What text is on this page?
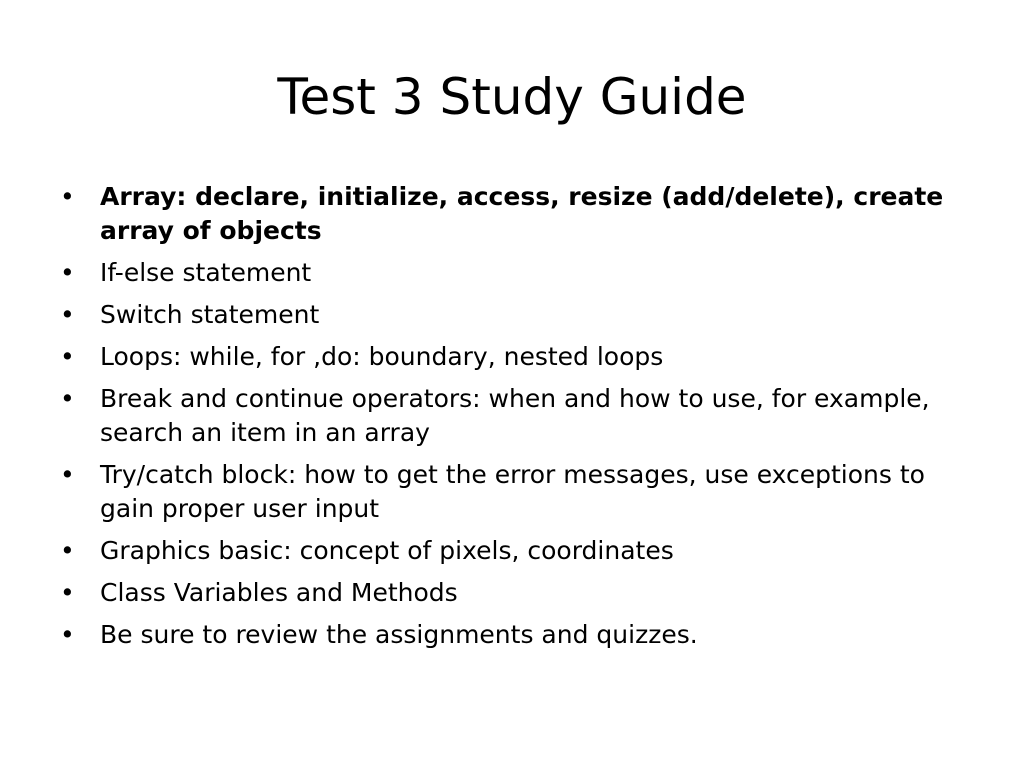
Test 3 Study Guide
• Array: declare, initialize, access, resize (add/delete), create array of objects
• If-else statement
• Switch statement
• Loops: while, for ,do: boundary, nested loops
• Break and continue operators: when and how to use, for example, search an item in an array
• Try/catch block: how to get the error messages, use exceptions to gain proper user input
• Graphics basic: concept of pixels, coordinates
• Class Variables and Methods
• Be sure to review the assignments and quizzes.
